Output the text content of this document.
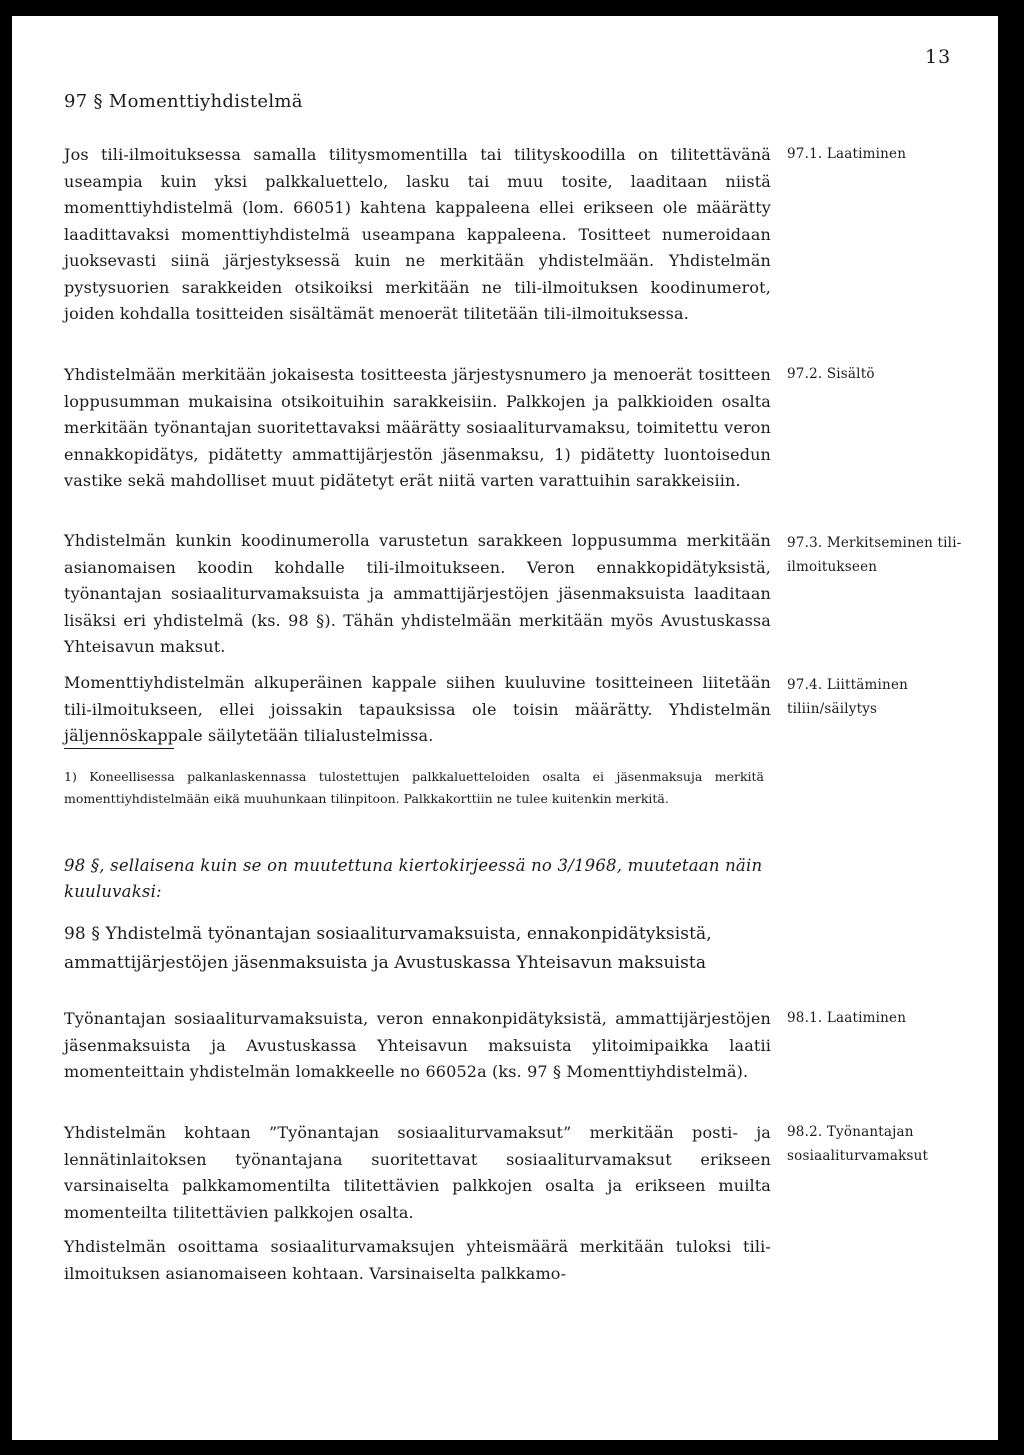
13
97 § Momenttiyhdistelmä

Jos tili-ilmoituksessa samalla tilitysmomentilla tai tilityskoodilla on tilitettävänä useampia kuin yksi palkkaluettelo, lasku tai muu tosite, laaditaan niistä momenttiyhdistelmä (lom. 66051) kahtena kappaleena ellei erikseen ole määrätty laadittavaksi momenttiyhdistelmä useampana kappaleena. Tositteet numeroidaan juoksevasti siinä järjestyksessä kuin ne merkitään yhdistelmään. Yhdistelmän pystysuorien sarakkeiden otsikoiksi merkitään ne tili-ilmoituksen koodinumerot, joiden kohdalla tositteiden sisältämät menoerät tilitetään tili-ilmoituksessa.

Yhdistelmään merkitään jokaisesta tositteesta järjestysnumero ja menoerät tositteen loppusumman mukaisina otsikoituihin sarakkeisiin. Palkkojen ja palkkioiden osalta merkitään työnantajan suoritettavaksi määrätty sosiaaliturvamaksu, toimitettu veron ennakkopidätys, pidätetty ammattijärjestön jäsenmaksu, 1) pidätetty luontoisedun vastike sekä mahdolliset muut pidätetyt erät niitä varten varattuihin sarakkeisiin.

Yhdistelmän kunkin koodinumerolla varustetun sarakkeen loppusumma merkitään asianomaisen koodin kohdalle tili-ilmoitukseen. Veron ennakkopidätyksistä, työnantajan sosiaaliturvamaksuista ja ammattijärjestöjen jäsenmaksuista laaditaan lisäksi eri yhdistelmä (ks. 98 §). Tähän yhdistelmään merkitään myös Avustuskassa Yhteisavun maksut.

Momenttiyhdistelmän alkuperäinen kappale siihen kuuluvine tositteineen liitetään tili-ilmoitukseen, ellei joissakin tapauksissa ole toisin määrätty. Yhdistelmän jäljennöskappale säilytetään tilialustelmissa.

97.1. Laatiminen
97.2. Sisältö
97.3. Merkitseminen tili-ilmoitukseen
97.4. Liittäminen tiliin/säilytys
1) Koneellisessa palkanlaskennassa tulostettujen palkkaluetteloiden osalta ei jäsenmaksuja merkitä momenttiyhdistelmään eikä muuhunkaan tilinpitoon. Palkkakorttiin ne tulee kuitenkin merkitä.
98 §, sellaisena kuin se on muutettuna kiertokirjeessä no 3/1968, muutetaan näin kuuluvaksi:
98 § Yhdistelmä työnantajan sosiaaliturvamaksuista, ennakonpidätyksistä, ammattijärjestöjen jäsenmaksuista ja Avustuskassa Yhteisavun maksuista

Työnantajan sosiaaliturvamaksuista, veron ennakonpidätyksistä, ammattijärjestöjen jäsenmaksuista ja Avustuskassa Yhteisavun maksuista ylitoimipaikka laatii momenteittain yhdistelmän lomakkeelle no 66052a (ks. 97 § Momenttiyhdistelmä).

Yhdistelmän kohtaan ”Työnantajan sosiaaliturvamaksut” merkitään posti- ja lennätinlaitoksen työnantajana suoritettavat sosiaaliturvamaksut erikseen varsinaiselta palkkamomentilta tilitettävien palkkojen osalta ja erikseen muilta momenteilta tilitettävien palkkojen osalta.

Yhdistelmän osoittama sosiaaliturvamaksujen yhteismäärä merkitään tuloksi tili-ilmoituksen asianomaiseen kohtaan. Varsinaiselta palkkamo-

98.1. Laatiminen
98.2. Työnantajan sosiaaliturvamaksut
